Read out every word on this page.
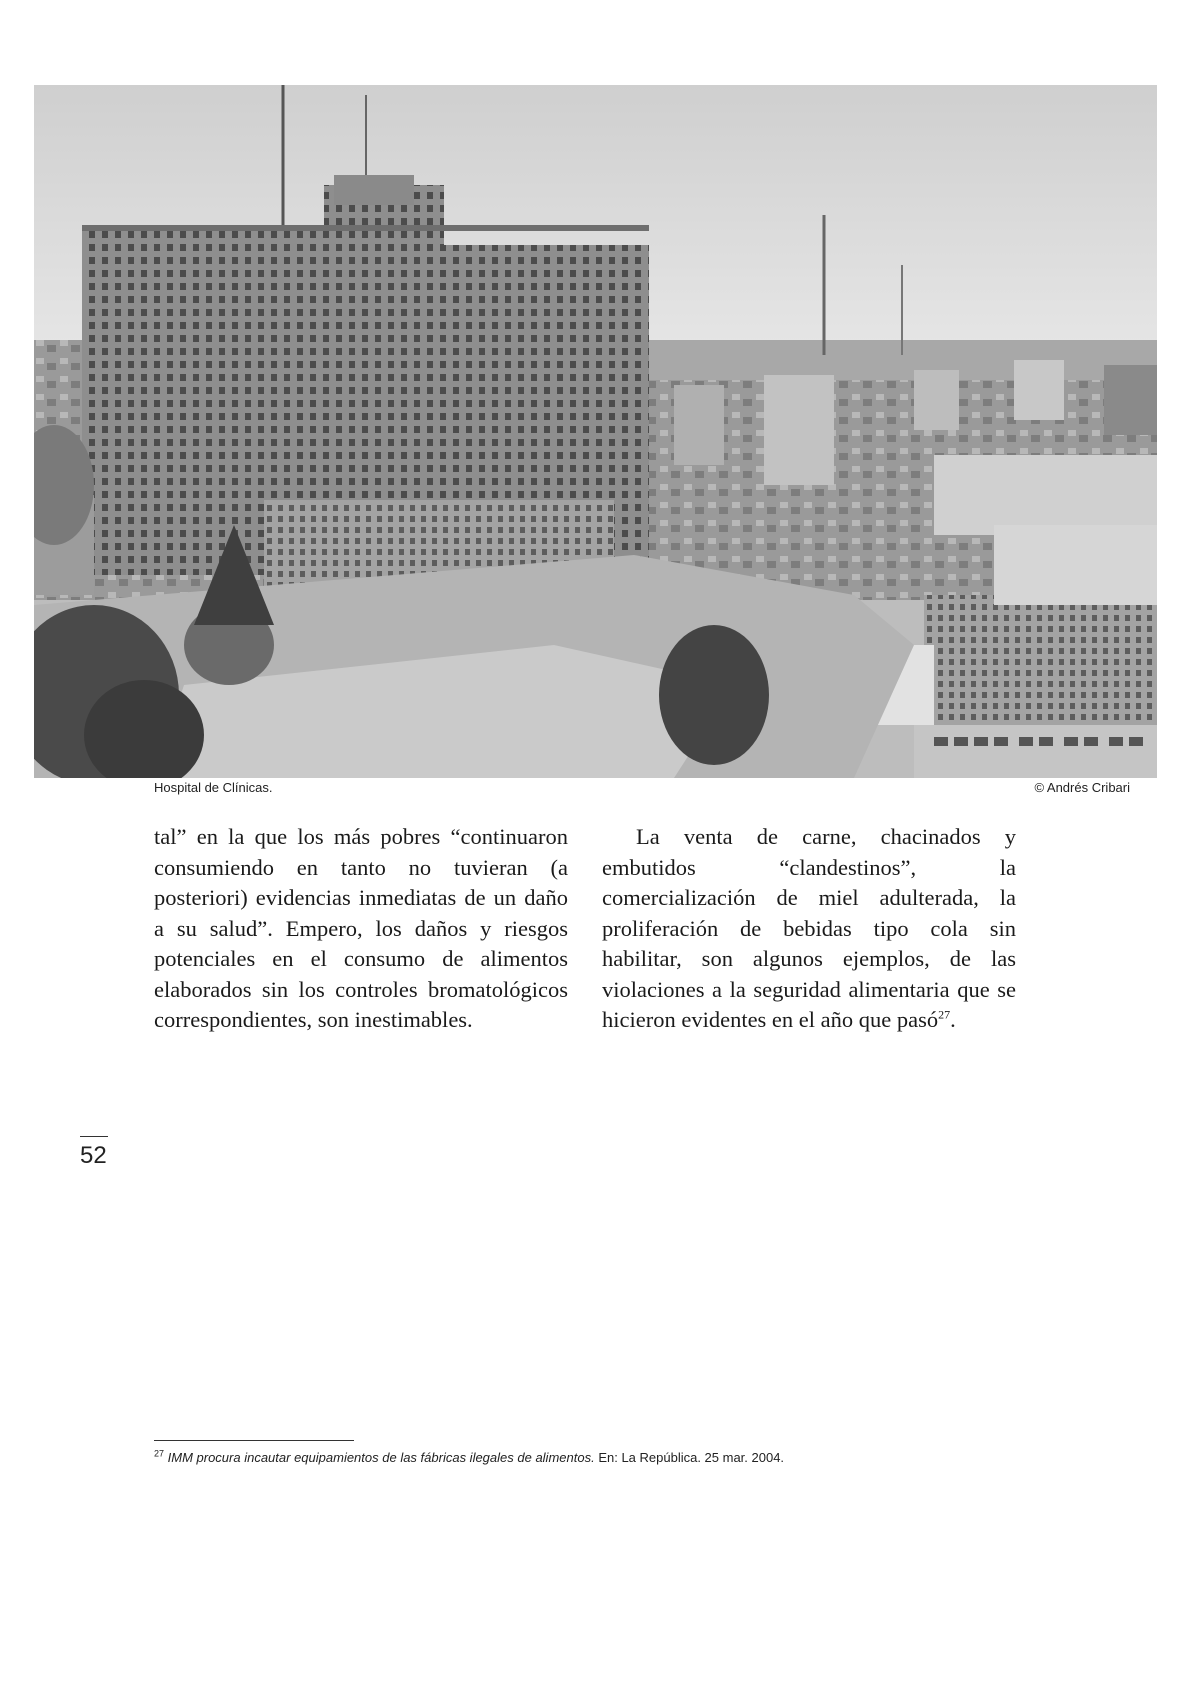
Hospital de Clínicas.	© Andrés Cribari

tal” en la que los más pobres “continuaron consumiendo en tanto no tuvieran (a posteriori) evidencias inmediatas de un daño a su salud”. Empero, los daños y riesgos potenciales en el consumo de alimentos elaborados sin los controles bromatológicos correspondientes, son inestimables.

La venta de carne, chacinados y embutidos “clandestinos”, la comercialización de miel adulterada, la proliferación de bebidas tipo cola sin habilitar, son algunos ejemplos, de las violaciones a la seguridad alimentaria que se hicieron evidentes en el año que pasó$^{27}$.

52
$^{27}$ IMM procura incautar equipamientos de las fábricas ilegales de alimentos. En: La República. 25 mar. 2004.
